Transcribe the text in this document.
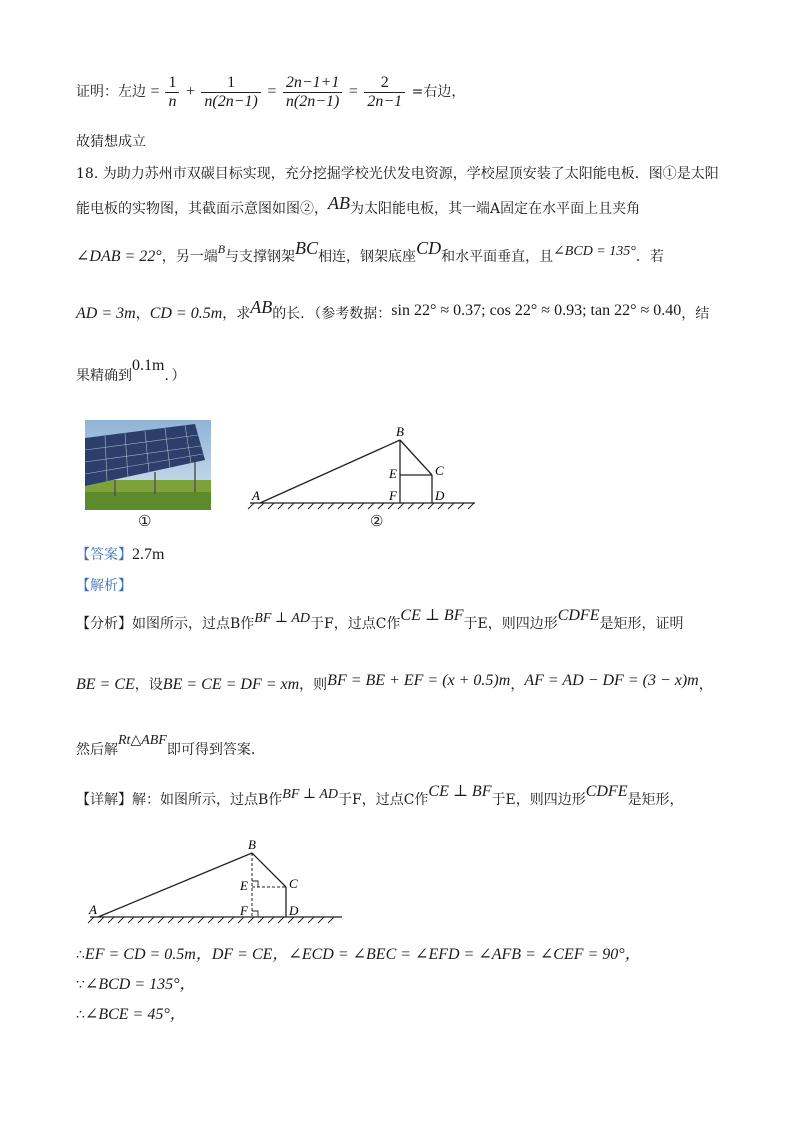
证明：左边 = $\frac{1}{n} + \frac{1}{n(2n-1)} = \frac{2n-1+1}{n(2n-1)} = \frac{2}{2n-1}$ =右边，
故猜想成立
18. 为助力苏州市双碳目标实现，充分挖掘学校光伏发电资源，学校屋顶安装了太阳能电板．图①是太阳
能电板的实物图，其截面示意图如图②，AB为太阳能电板，其一端A固定在水平面上且夹角
∠DAB = 22°，另一端B与支撑钢架BC相连，钢架底座CD和水平面垂直，且∠BCD = 135°．若
AD = 3m，CD = 0.5m，求AB的长．（参考数据：sin 22° ≈ 0.37; cos 22° ≈ 0.93; tan 22° ≈ 0.40，结
果精确到0.1m．）
①
A
B
C
D
E
F
②
【答案】2.7m
【解析】
【分析】如图所示，过点B作BF ⊥ AD于F，过点C作CE ⊥ BF于E，则四边形CDFE是矩形，证明
BE = CE，设BE = CE = DF = xm，则BF = BE + EF = (x + 0.5)m，AF = AD − DF = (3 − x)m，
然后解Rt△ABF即可得到答案．
【详解】解：如图所示，过点B作BF ⊥ AD于F，过点C作CE ⊥ BF于E，则四边形CDFE是矩形，
A
B
C
D
E
F
∴EF = CD = 0.5m，DF = CE，∠ECD = ∠BEC = ∠EFD = ∠AFB = ∠CEF = 90°，
∵∠BCD = 135°，
∴∠BCE = 45°，
